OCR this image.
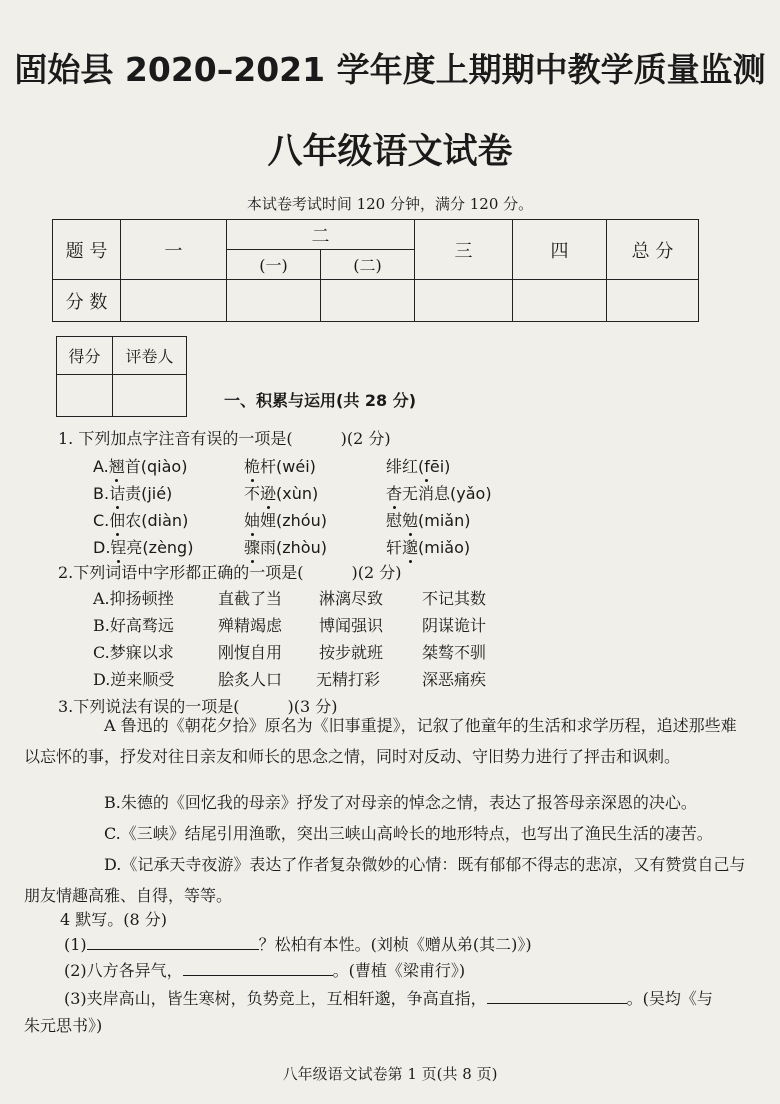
固始县 2020–2021 学年度上期期中教学质量监测
八年级语文试卷
本试卷考试时间 120 分钟，满分 120 分。
题 号	一	二		三	四	总 分
		(一)	(二)			
分 数						
得分	评卷人

一、积累与运用(共 28 分)
1. 下列加点字注音有误的一项是(　　　)(2 分)
A.翘首(qiào)	桅杆(wéi)	绯红(fēi)
B.诘责(jié)	不逊(xùn)	杳无消息(yǎo)
C.佃农(diàn)	妯娌(zhóu)	慰勉(miǎn)
D.锃亮(zèng)	骤雨(zhòu)	轩邈(miǎo)
2.下列词语中字形都正确的一项是(　　　)(2 分)
A.抑扬顿挫	直截了当 淋漓尽致 不记其数
B.好高骛远	殚精竭虑 博闻强识 阴谋诡计
C.梦寐以求	刚愎自用 按步就班 桀骜不驯
D.逆来顺受	脍炙人口 无精打彩	深恶痛疾
3.下列说法有误的一项是(　　　)(3 分)
A 鲁迅的《朝花夕拾》原名为《旧事重提》，记叙了他童年的生活和求学历程，追述那些难以忘怀的事，抒发对往日亲友和师长的思念之情，同时对反动、守旧势力进行了抨击和讽刺。
B.朱德的《回忆我的母亲》抒发了对母亲的悼念之情，表达了报答母亲深恩的决心。
C.《三峡》结尾引用渔歌，突出三峡山高岭长的地形特点，也写出了渔民生活的凄苦。
D.《记承天寺夜游》表达了作者复杂微妙的心情：既有郁郁不得志的悲凉，又有赞赏自己与朋友情趣高雅、自得，等等。
4 默写。(8 分)
(1)	？松柏有本性。(刘桢《赠从弟(其二)》)
(2)八方各异气，	。(曹植《梁甫行》)
(3)夹岸高山，皆生寒树，负势竞上，互相轩邈，争高直指，	。(吴均《与
朱元思书》)
八年级语文试卷第 1 页(共 8 页)
